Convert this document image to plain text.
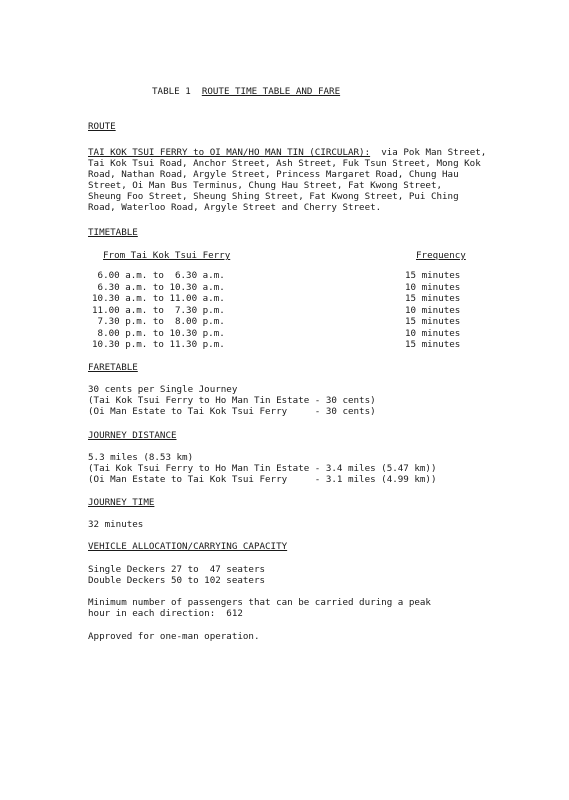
TABLE 1 ROUTE TIME TABLE AND FARE
ROUTE
TAI KOK TSUI FERRY to OI MAN/HO MAN TIN (CIRCULAR): via Pok Man Street,
Tai Kok Tsui Road, Anchor Street, Ash Street, Fuk Tsun Street, Mong Kok
Road, Nathan Road, Argyle Street, Princess Margaret Road, Chung Hau
Street, Oi Man Bus Terminus, Chung Hau Street, Fat Kwong Street,
Sheung Foo Street, Sheung Shing Street, Fat Kwong Street, Pui Ching
Road, Waterloo Road, Argyle Street and Cherry Street.
TIMETABLE
From Tai Kok Tsui Ferry	Frequency
6.00 a.m. to  6.30 a.m.	15 minutes
6.30 a.m. to 10.30 a.m.	10 minutes
10.30 a.m. to 11.00 a.m.	15 minutes
11.00 a.m. to  7.30 p.m.	10 minutes
7.30 p.m. to  8.00 p.m.	15 minutes
8.00 p.m. to 10.30 p.m.	10 minutes
10.30 p.m. to 11.30 p.m.	15 minutes
FARETABLE
30 cents per Single Journey
(Tai Kok Tsui Ferry to Ho Man Tin Estate - 30 cents)
(Oi Man Estate to Tai Kok Tsui Ferry     - 30 cents)
JOURNEY DISTANCE
5.3 miles (8.53 km)
(Tai Kok Tsui Ferry to Ho Man Tin Estate - 3.4 miles (5.47 km))
(Oi Man Estate to Tai Kok Tsui Ferry     - 3.1 miles (4.99 km))
JOURNEY TIME
32 minutes
VEHICLE ALLOCATION/CARRYING CAPACITY
Single Deckers 27 to  47 seaters
Double Deckers 50 to 102 seaters
Minimum number of passengers that can be carried during a peak
hour in each direction:  612
Approved for one-man operation.
